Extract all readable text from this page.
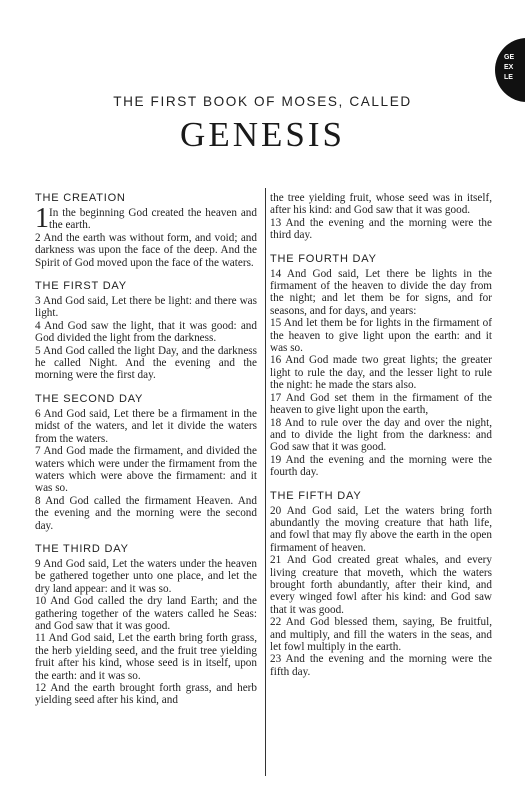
GE
EX
LE
THE FIRST BOOK OF MOSES, CALLED
GENESIS
THE CREATION
1 In the beginning God created the heaven and the earth.
2 And the earth was without form, and void; and darkness was upon the face of the deep. And the Spirit of God moved upon the face of the waters.
THE FIRST DAY
3 And God said, Let there be light: and there was light.
4 And God saw the light, that it was good: and God divided the light from the darkness.
5 And God called the light Day, and the darkness he called Night. And the evening and the morning were the first day.
THE SECOND DAY
6 And God said, Let there be a firmament in the midst of the waters, and let it divide the waters from the waters.
7 And God made the firmament, and divided the waters which were under the firmament from the waters which were above the firmament: and it was so.
8 And God called the firmament Heaven. And the evening and the morning were the second day.
THE THIRD DAY
9 And God said, Let the waters under the heaven be gathered together unto one place, and let the dry land appear: and it was so.
10 And God called the dry land Earth; and the gathering together of the waters called he Seas: and God saw that it was good.
11 And God said, Let the earth bring forth grass, the herb yielding seed, and the fruit tree yielding fruit after his kind, whose seed is in itself, upon the earth: and it was so.
12 And the earth brought forth grass, and herb yielding seed after his kind, and
the tree yielding fruit, whose seed was in itself, after his kind: and God saw that it was good.
13 And the evening and the morning were the third day.
THE FOURTH DAY
14 And God said, Let there be lights in the firmament of the heaven to divide the day from the night; and let them be for signs, and for seasons, and for days, and years:
15 And let them be for lights in the firmament of the heaven to give light upon the earth: and it was so.
16 And God made two great lights; the greater light to rule the day, and the lesser light to rule the night: he made the stars also.
17 And God set them in the firmament of the heaven to give light upon the earth,
18 And to rule over the day and over the night, and to divide the light from the darkness: and God saw that it was good.
19 And the evening and the morning were the fourth day.
THE FIFTH DAY
20 And God said, Let the waters bring forth abundantly the moving creature that hath life, and fowl that may fly above the earth in the open firmament of heaven.
21 And God created great whales, and every living creature that moveth, which the waters brought forth abundantly, after their kind, and every winged fowl after his kind: and God saw that it was good.
22 And God blessed them, saying, Be fruitful, and multiply, and fill the waters in the seas, and let fowl multiply in the earth.
23 And the evening and the morning were the fifth day.
